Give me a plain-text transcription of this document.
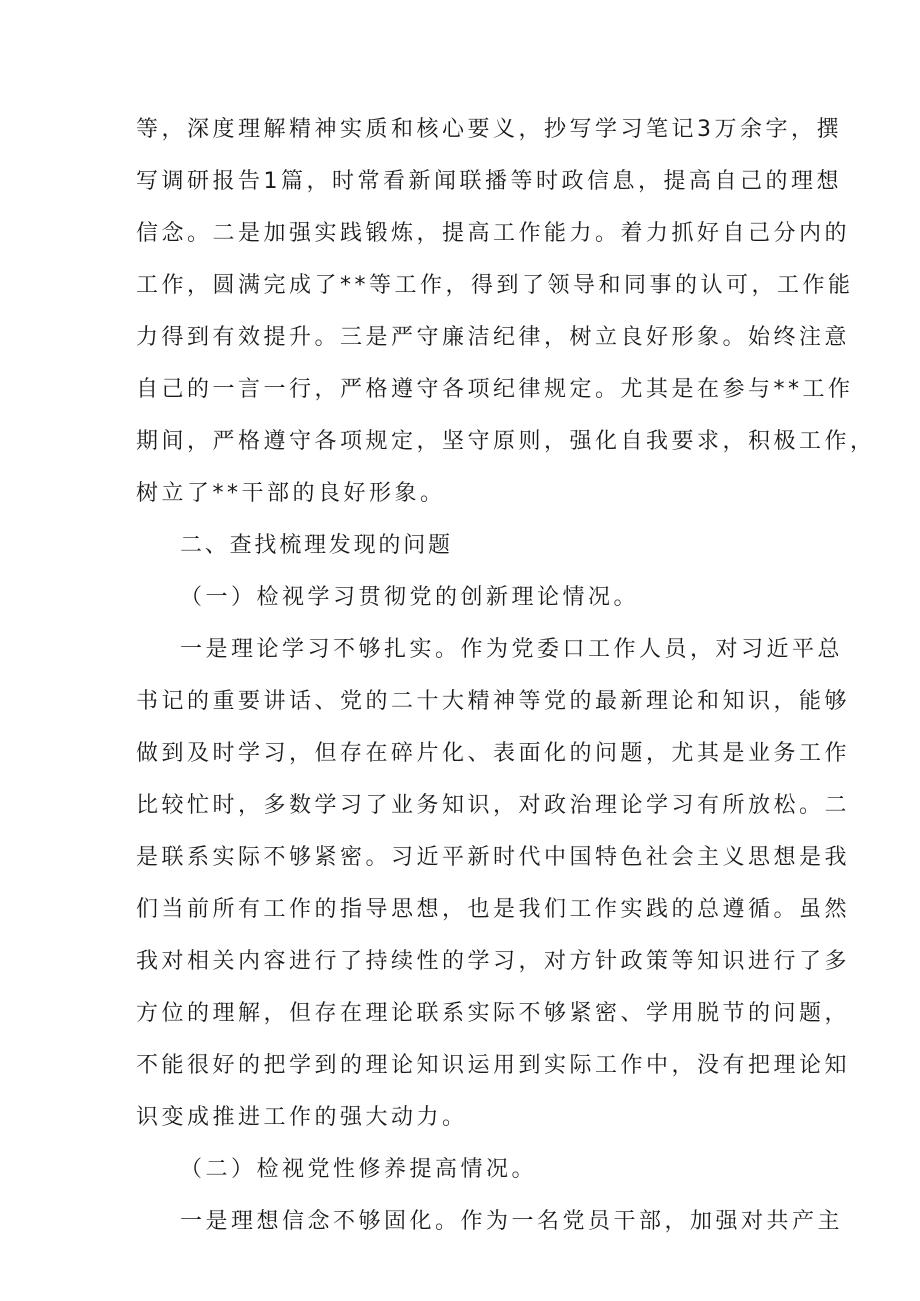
等，深度理解精神实质和核心要义，抄写学习笔记3万余字，撰
写调研报告1篇，时常看新闻联播等时政信息，提高自己的理想
信念。二是加强实践锻炼，提高工作能力。着力抓好自己分内的
工作，圆满完成了**等工作，得到了领导和同事的认可，工作能
力得到有效提升。三是严守廉洁纪律，树立良好形象。始终注意
自己的一言一行，严格遵守各项纪律规定。尤其是在参与**工作
期间，严格遵守各项规定，坚守原则，强化自我要求，积极工作，
树立了**干部的良好形象。
二、查找梳理发现的问题
（一）检视学习贯彻党的创新理论情况。
一是理论学习不够扎实。作为党委口工作人员，对习近平总
书记的重要讲话、党的二十大精神等党的最新理论和知识，能够
做到及时学习，但存在碎片化、表面化的问题，尤其是业务工作
比较忙时，多数学习了业务知识，对政治理论学习有所放松。二
是联系实际不够紧密。习近平新时代中国特色社会主义思想是我
们当前所有工作的指导思想，也是我们工作实践的总遵循。虽然
我对相关内容进行了持续性的学习，对方针政策等知识进行了多
方位的理解，但存在理论联系实际不够紧密、学用脱节的问题，
不能很好的把学到的理论知识运用到实际工作中，没有把理论知
识变成推进工作的强大动力。
（二）检视党性修养提高情况。
一是理想信念不够固化。作为一名党员干部，加强对共产主
